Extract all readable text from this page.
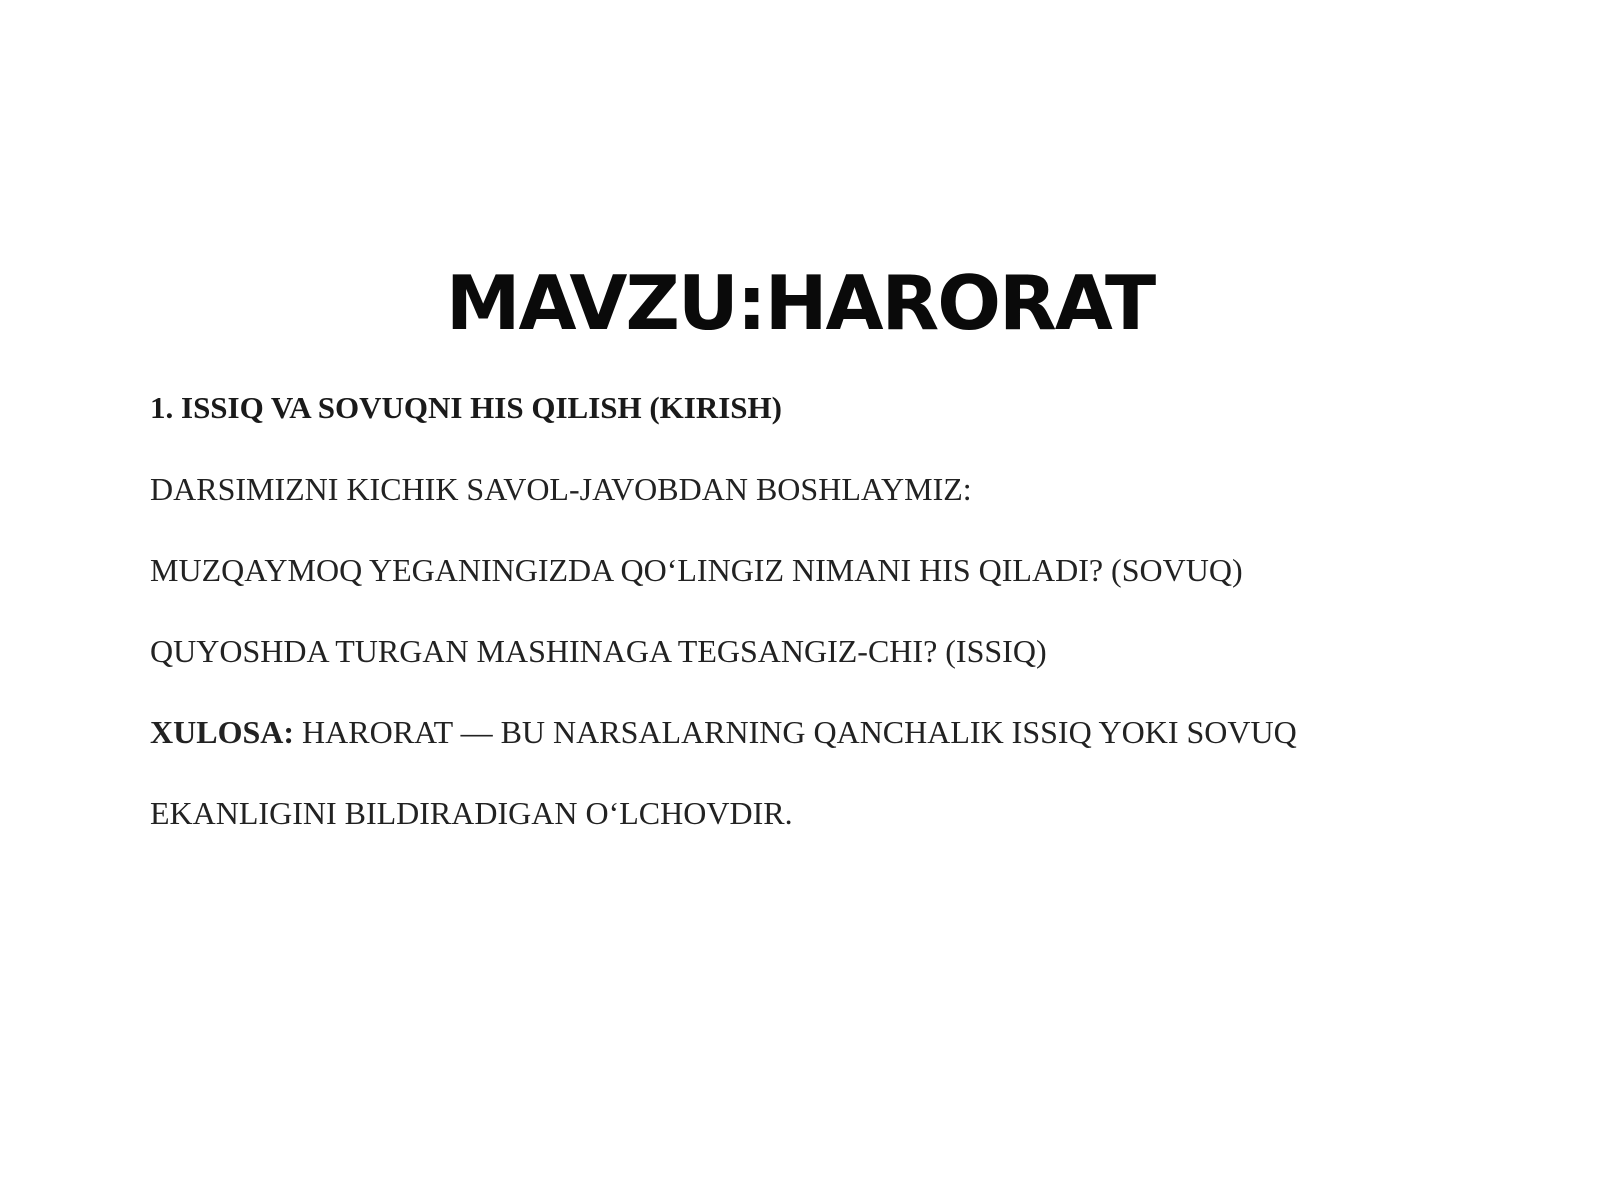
MAVZU:HARORAT

1. ISSIQ VA SOVUQNI HIS QILISH (KIRISH)

DARSIMIZNI KICHIK SAVOL-JAVOBDAN BOSHLAYMIZ:

MUZQAYMOQ YEGANINGIZDA QO‘LINGIZ NIMANI HIS QILADI? (SOVUQ)

QUYOSHDA TURGAN MASHINAGA TEGSANGIZ-CHI? (ISSIQ)

XULOSA: HARORAT — BU NARSALARNING QANCHALIK ISSIQ YOKI SOVUQ

EKANLIGINI BILDIRADIGAN O‘LCHOVDIR.
